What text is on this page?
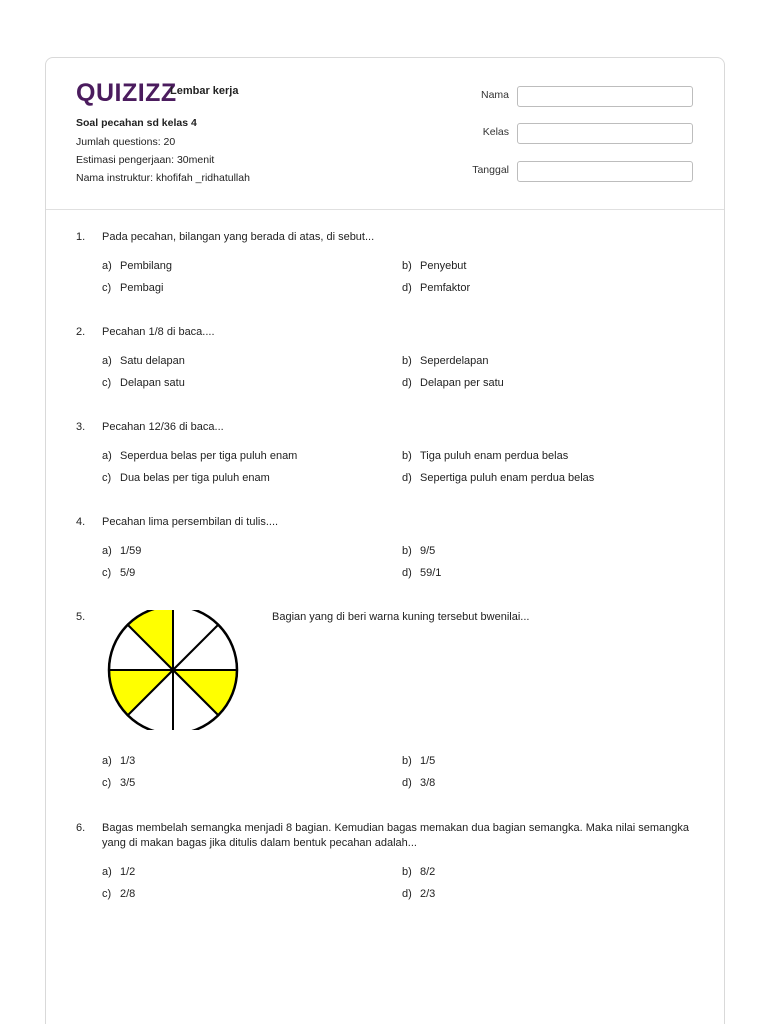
QUIZIZZ
Lembar kerja
Soal pecahan sd kelas 4
Jumlah questions: 20
Estimasi pengerjaan: 30menit
Nama instruktur: khofifah _ridhatullah
Nama
Kelas
Tanggal
1. Pada pecahan, bilangan yang berada di atas, di sebut...
a) Pembilang	b) Penyebut
c) Pembagi	d) Pemfaktor
2. Pecahan 1/8 di baca....
a) Satu delapan	b) Seperdelapan
c) Delapan satu	d) Delapan per satu
3. Pecahan 12/36 di baca...
a) Seperdua belas per tiga puluh enam	b) Tiga puluh enam perdua belas
c) Dua belas per tiga puluh enam	d) Sepertiga puluh enam perdua belas
4. Pecahan lima persembilan di tulis....
a) 1/59	b) 9/5
c) 5/9	d) 59/1
5.	Bagian yang di beri warna kuning tersebut bwenilai...
a) 1/3	b) 1/5
c) 3/5	d) 3/8
6. Bagas membelah semangka menjadi 8 bagian. Kemudian bagas memakan dua bagian semangka. Maka nilai semangka yang di makan bagas jika ditulis dalam bentuk pecahan adalah...
a) 1/2	b) 8/2
c) 2/8	d) 2/3
